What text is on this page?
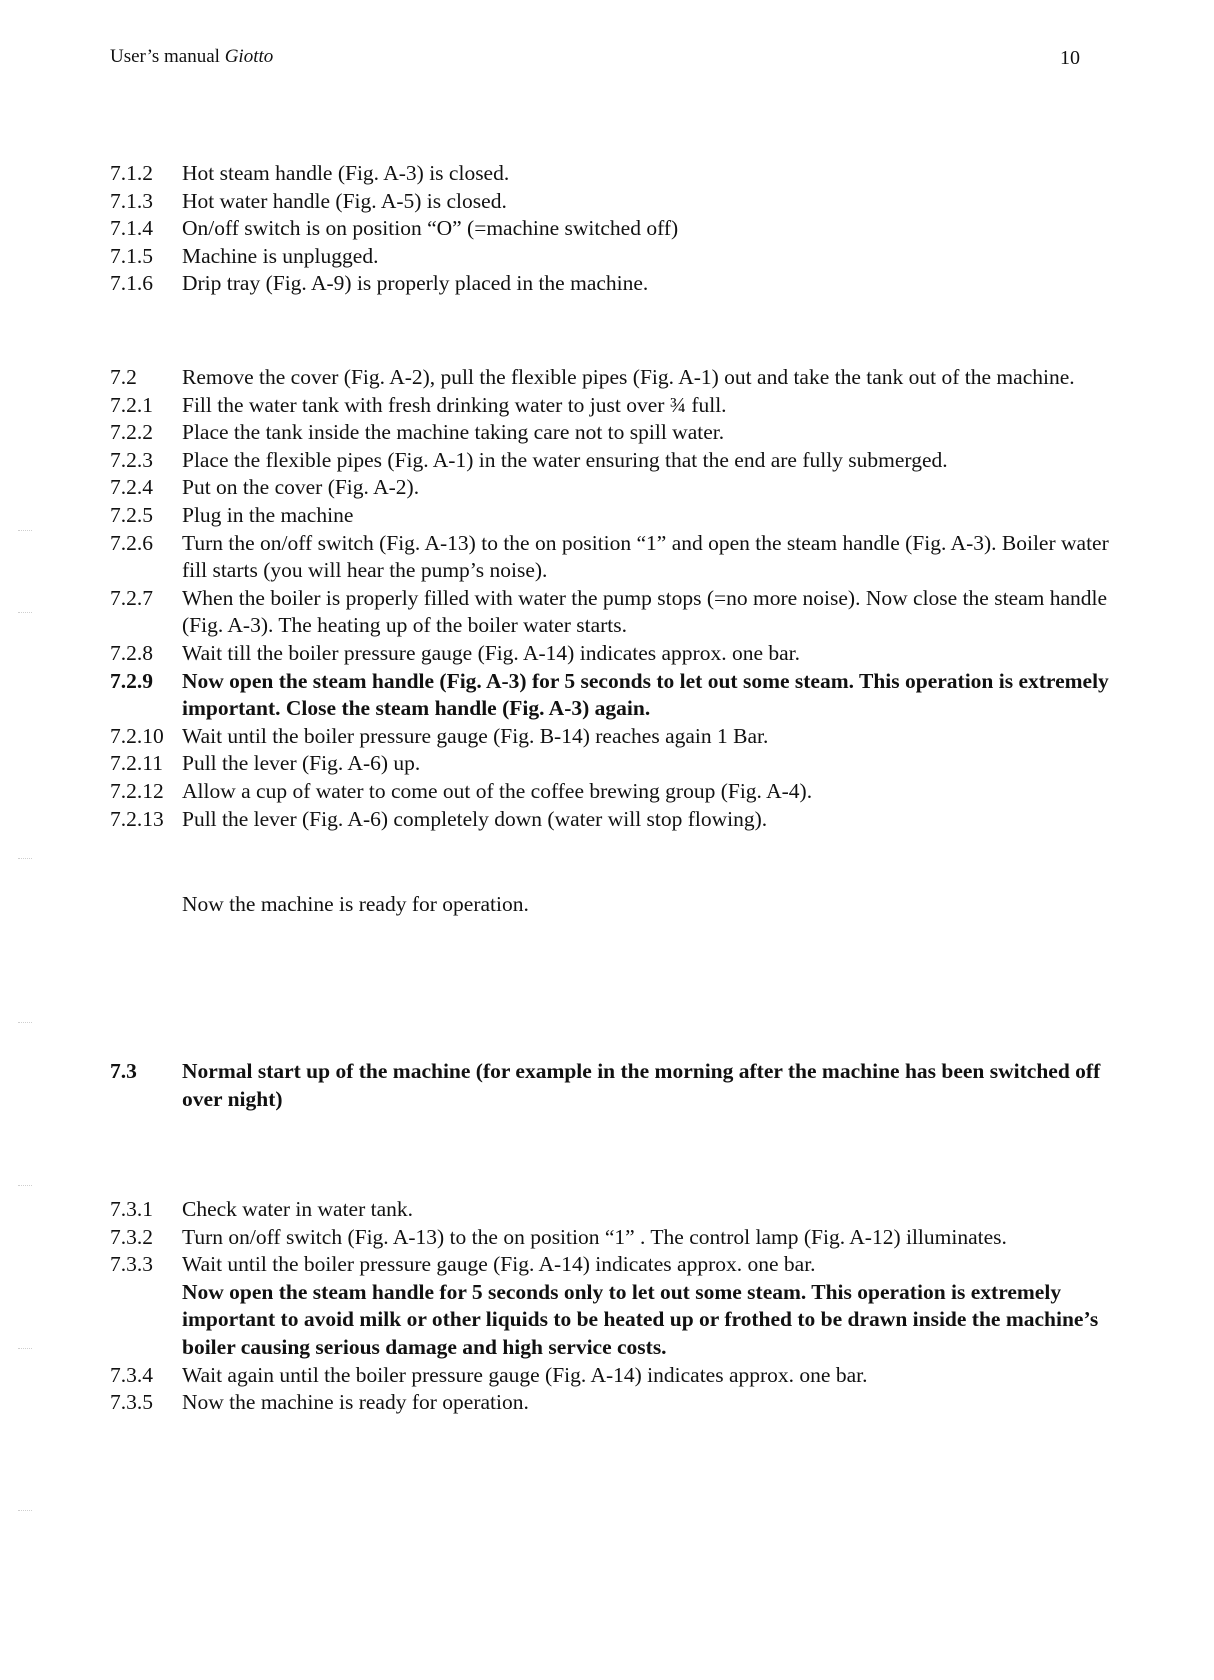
User’s manual Giotto	10
7.1.2	Hot steam handle (Fig. A-3) is closed.
7.1.3	Hot water handle (Fig. A-5) is closed.
7.1.4	On/off switch is on position “O” (=machine switched off)
7.1.5	Machine is unplugged.
7.1.6	Drip tray (Fig. A-9) is properly placed in the machine.
7.2	Remove the cover (Fig. A-2), pull the flexible pipes (Fig. A-1) out and take the tank out of the machine.
7.2.1	Fill the water tank with fresh drinking water to just over ¾ full.
7.2.2	Place the tank inside the machine taking care not to spill water.
7.2.3	Place the flexible pipes (Fig. A-1) in the water ensuring that the end are fully submerged.
7.2.4	Put on the cover (Fig. A-2).
7.2.5	Plug in the machine
7.2.6	Turn the on/off switch (Fig. A-13) to the on position “1” and open the steam handle (Fig. A-3). Boiler water fill starts (you will hear the pump’s noise).
7.2.7	When the boiler is properly filled with water the pump stops (=no more noise). Now close the steam handle (Fig. A-3). The heating up of the boiler water starts.
7.2.8	Wait till the boiler pressure gauge (Fig. A-14) indicates approx. one bar.
7.2.9	Now open the steam handle (Fig. A-3) for 5 seconds to let out some steam. This operation is extremely important. Close the steam handle (Fig. A-3) again.
7.2.10 Wait until the boiler pressure gauge (Fig. B-14) reaches again 1 Bar.
7.2.11 Pull the lever (Fig. A-6) up.
7.2.12 Allow a cup of water to come out of the coffee brewing group (Fig. A-4).
7.2.13 Pull the lever (Fig. A-6) completely down (water will stop flowing).
Now the machine is ready for operation.
7.3	Normal start up of the machine (for example in the morning after the machine has been switched off over night)
7.3.1	Check water in water tank.
7.3.2	Turn on/off switch (Fig. A-13) to the on position “1” . The control lamp (Fig. A-12) illuminates.
7.3.3	Wait until the boiler pressure gauge (Fig. A-14) indicates approx. one bar.
Now open the steam handle for 5 seconds only to let out some steam. This operation is extremely important to avoid milk or other liquids to be heated up or frothed to be drawn inside the machine’s boiler causing serious damage and high service costs.
7.3.4	Wait again until the boiler pressure gauge (Fig. A-14) indicates approx. one bar.
7.3.5	Now the machine is ready for operation.
